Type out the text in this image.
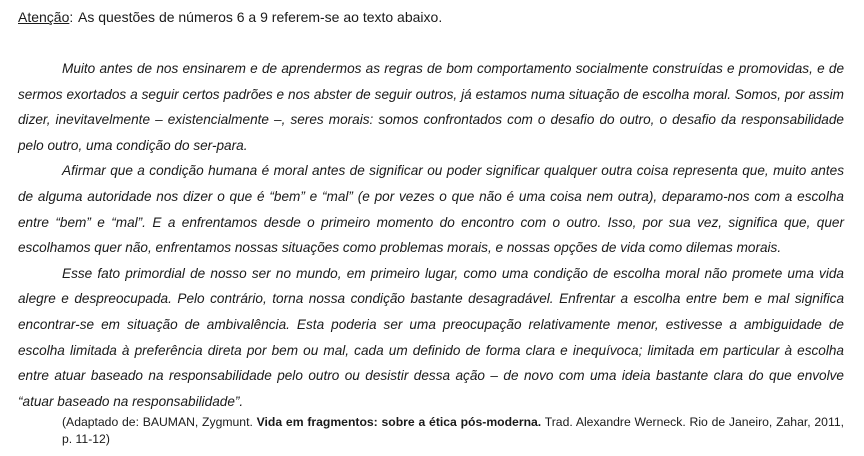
Atenção: As questões de números 6 a 9 referem-se ao texto abaixo.

Muito antes de nos ensinarem e de aprendermos as regras de bom comportamento socialmente construídas e promovidas, e de sermos exortados a seguir certos padrões e nos abster de seguir outros, já estamos numa situação de escolha moral. Somos, por assim dizer, inevitavelmente – existencialmente –, seres morais: somos confrontados com o desafio do outro, o desafio da responsabilidade pelo outro, uma condição do ser-para.

Afirmar que a condição humana é moral antes de significar ou poder significar qualquer outra coisa representa que, muito antes de alguma autoridade nos dizer o que é “bem” e “mal” (e por vezes o que não é uma coisa nem outra), deparamo-nos com a escolha entre “bem” e “mal”. E a enfrentamos desde o primeiro momento do encontro com o outro. Isso, por sua vez, significa que, quer escolhamos quer não, enfrentamos nossas situações como problemas morais, e nossas opções de vida como dilemas morais.

Esse fato primordial de nosso ser no mundo, em primeiro lugar, como uma condição de escolha moral não promete uma vida alegre e despreocupada. Pelo contrário, torna nossa condição bastante desagradável. Enfrentar a escolha entre bem e mal significa encontrar-se em situação de ambivalência. Esta poderia ser uma preocupação relativamente menor, estivesse a ambiguidade de escolha limitada à preferência direta por bem ou mal, cada um definido de forma clara e inequívoca; limitada em particular à escolha entre atuar baseado na responsabilidade pelo outro ou desistir dessa ação – de novo com uma ideia bastante clara do que envolve “atuar baseado na responsabilidade”.

(Adaptado de: BAUMAN, Zygmunt. Vida em fragmentos: sobre a ética pós-moderna. Trad. Alexandre Werneck. Rio de Janeiro, Zahar, 2011, p. 11-12)
